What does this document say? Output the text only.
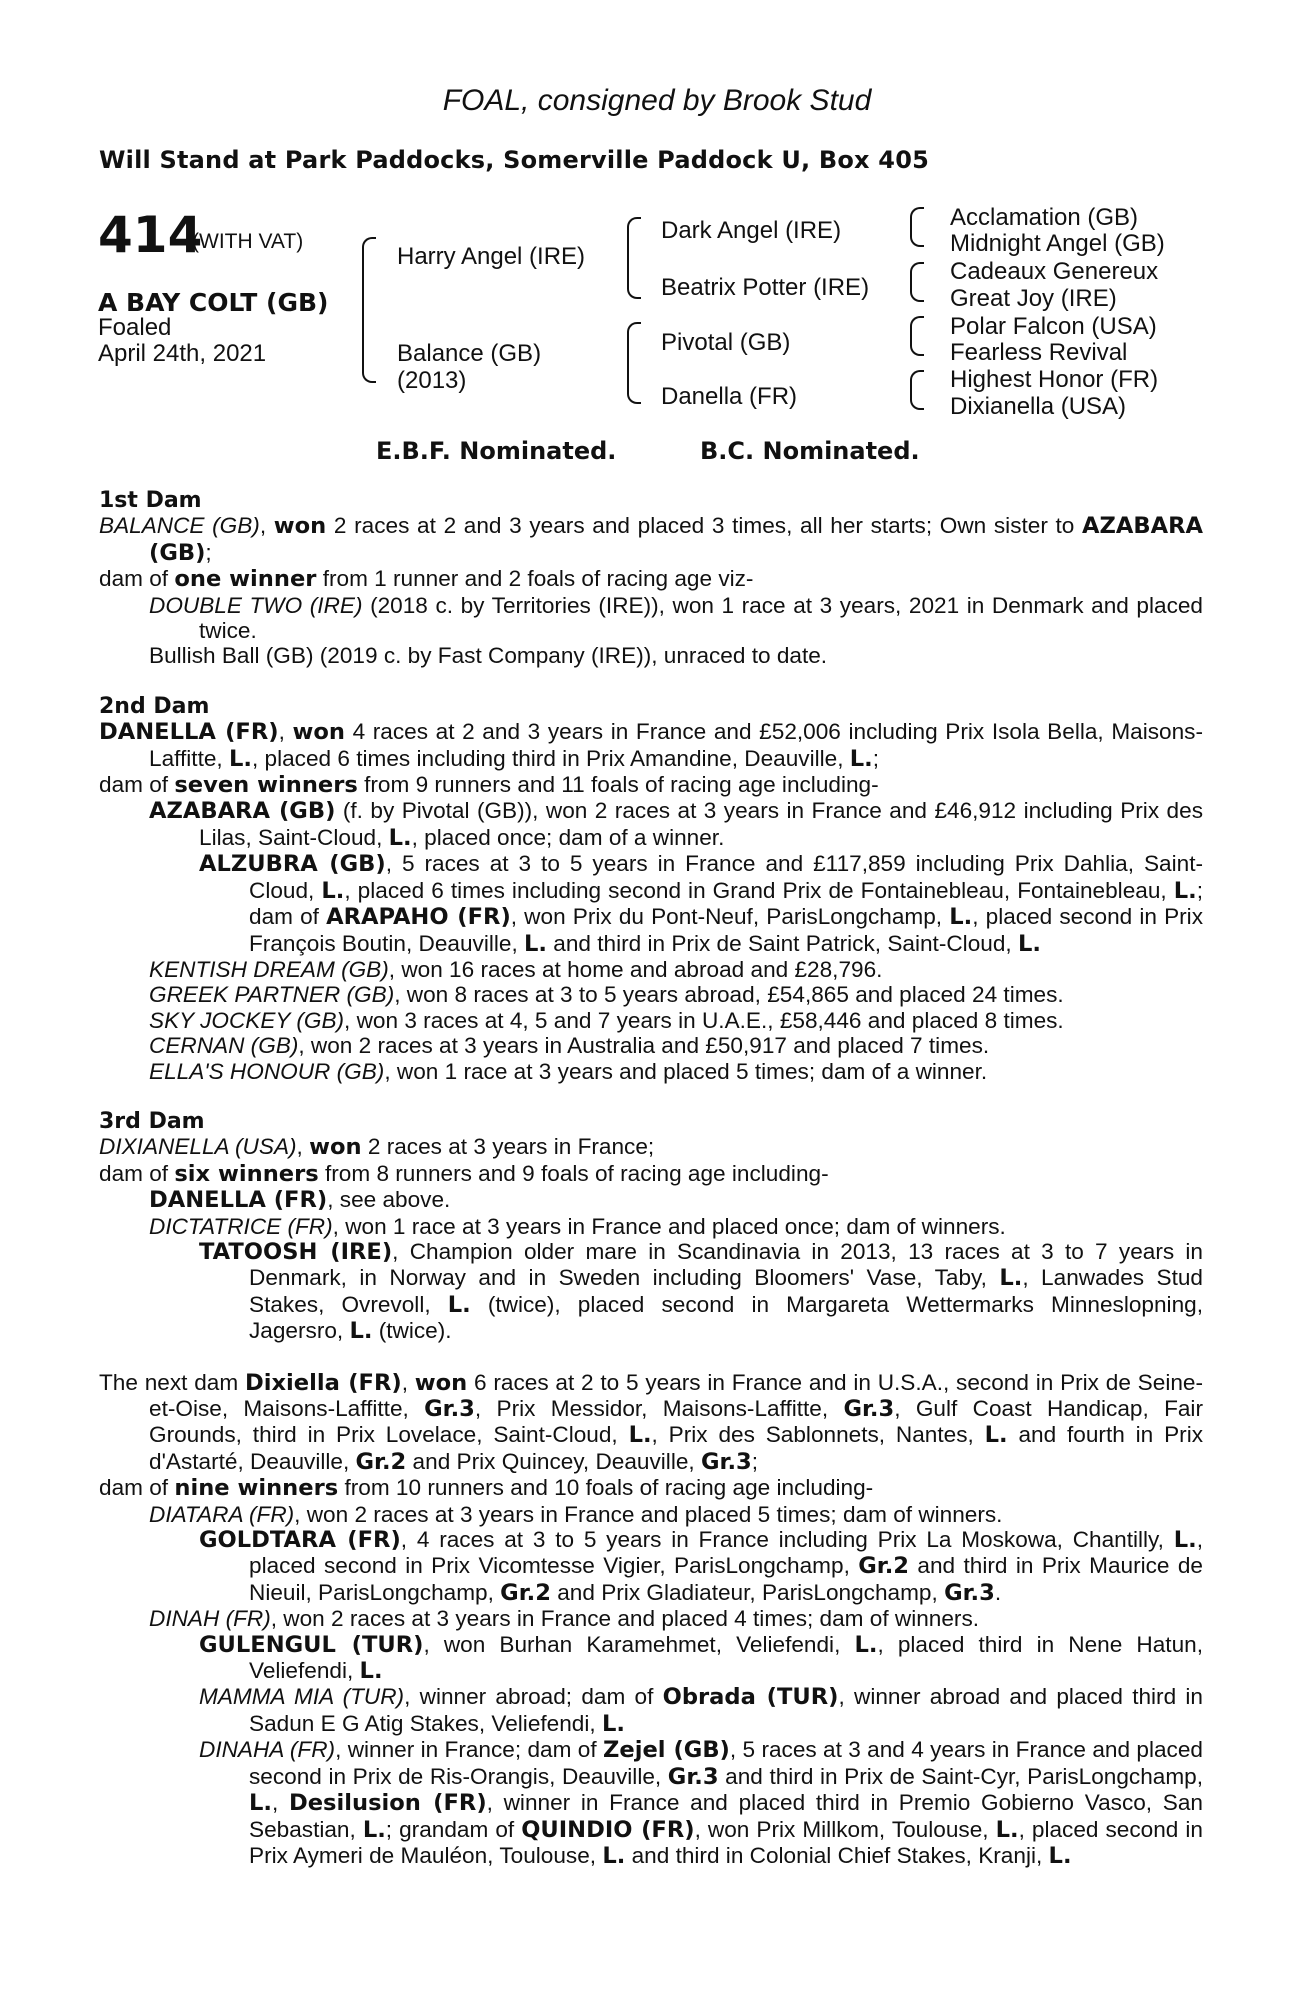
FOAL, consigned by Brook Stud
Will Stand at Park Paddocks, Somerville Paddock U, Box 405
414
(WITH VAT)
A BAY COLT (GB)
Foaled
April 24th, 2021
Harry Angel (IRE)
Balance (GB)
(2013)
Dark Angel (IRE)
Beatrix Potter (IRE)
Pivotal (GB)
Danella (FR)
Acclamation (GB)
Midnight Angel (GB)
Cadeaux Genereux
Great Joy (IRE)
Polar Falcon (USA)
Fearless Revival
Highest Honor (FR)
Dixianella (USA)
E.B.F. Nominated.	B.C. Nominated.

1st Dam

BALANCE (GB), won 2 races at 2 and 3 years and placed 3 times, all her starts; Own sister to AZABARA (GB);

dam of one winner from 1 runner and 2 foals of racing age viz-

DOUBLE TWO (IRE) (2018 c. by Territories (IRE)), won 1 race at 3 years, 2021 in Denmark and placed twice.

Bullish Ball (GB) (2019 c. by Fast Company (IRE)), unraced to date.

2nd Dam

DANELLA (FR), won 4 races at 2 and 3 years in France and £52,006 including Prix Isola Bella, Maisons-Laffitte, L., placed 6 times including third in Prix Amandine, Deauville, L.;

dam of seven winners from 9 runners and 11 foals of racing age including-

AZABARA (GB) (f. by Pivotal (GB)), won 2 races at 3 years in France and £46,912 including Prix des Lilas, Saint-Cloud, L., placed once; dam of a winner.

ALZUBRA (GB), 5 races at 3 to 5 years in France and £117,859 including Prix Dahlia, Saint-Cloud, L., placed 6 times including second in Grand Prix de Fontainebleau, Fontainebleau, L.; dam of ARAPAHO (FR), won Prix du Pont-Neuf, ParisLongchamp, L., placed second in Prix François Boutin, Deauville, L. and third in Prix de Saint Patrick, Saint-Cloud, L.

KENTISH DREAM (GB), won 16 races at home and abroad and £28,796.

GREEK PARTNER (GB), won 8 races at 3 to 5 years abroad, £54,865 and placed 24 times.

SKY JOCKEY (GB), won 3 races at 4, 5 and 7 years in U.A.E., £58,446 and placed 8 times.

CERNAN (GB), won 2 races at 3 years in Australia and £50,917 and placed 7 times.

ELLA'S HONOUR (GB), won 1 race at 3 years and placed 5 times; dam of a winner.

3rd Dam

DIXIANELLA (USA), won 2 races at 3 years in France;

dam of six winners from 8 runners and 9 foals of racing age including-

DANELLA (FR), see above.

DICTATRICE (FR), won 1 race at 3 years in France and placed once; dam of winners.

TATOOSH (IRE), Champion older mare in Scandinavia in 2013, 13 races at 3 to 7 years in Denmark, in Norway and in Sweden including Bloomers' Vase, Taby, L., Lanwades Stud Stakes, Ovrevoll, L. (twice), placed second in Margareta Wettermarks Minneslopning, Jagersro, L. (twice).

The next dam Dixiella (FR), won 6 races at 2 to 5 years in France and in U.S.A., second in Prix de Seine-et-Oise, Maisons-Laffitte, Gr.3, Prix Messidor, Maisons-Laffitte, Gr.3, Gulf Coast Handicap, Fair Grounds, third in Prix Lovelace, Saint-Cloud, L., Prix des Sablonnets, Nantes, L. and fourth in Prix d'Astarté, Deauville, Gr.2 and Prix Quincey, Deauville, Gr.3;

dam of nine winners from 10 runners and 10 foals of racing age including-

DIATARA (FR), won 2 races at 3 years in France and placed 5 times; dam of winners.

GOLDTARA (FR), 4 races at 3 to 5 years in France including Prix La Moskowa, Chantilly, L., placed second in Prix Vicomtesse Vigier, ParisLongchamp, Gr.2 and third in Prix Maurice de Nieuil, ParisLongchamp, Gr.2 and Prix Gladiateur, ParisLongchamp, Gr.3.

DINAH (FR), won 2 races at 3 years in France and placed 4 times; dam of winners.

GULENGUL (TUR), won Burhan Karamehmet, Veliefendi, L., placed third in Nene Hatun, Veliefendi, L.

MAMMA MIA (TUR), winner abroad; dam of Obrada (TUR), winner abroad and placed third in Sadun E G Atig Stakes, Veliefendi, L.

DINAHA (FR), winner in France; dam of Zejel (GB), 5 races at 3 and 4 years in France and placed second in Prix de Ris-Orangis, Deauville, Gr.3 and third in Prix de Saint-Cyr, ParisLongchamp, L., Desilusion (FR), winner in France and placed third in Premio Gobierno Vasco, San Sebastian, L.; grandam of QUINDIO (FR), won Prix Millkom, Toulouse, L., placed second in Prix Aymeri de Mauléon, Toulouse, L. and third in Colonial Chief Stakes, Kranji, L.
